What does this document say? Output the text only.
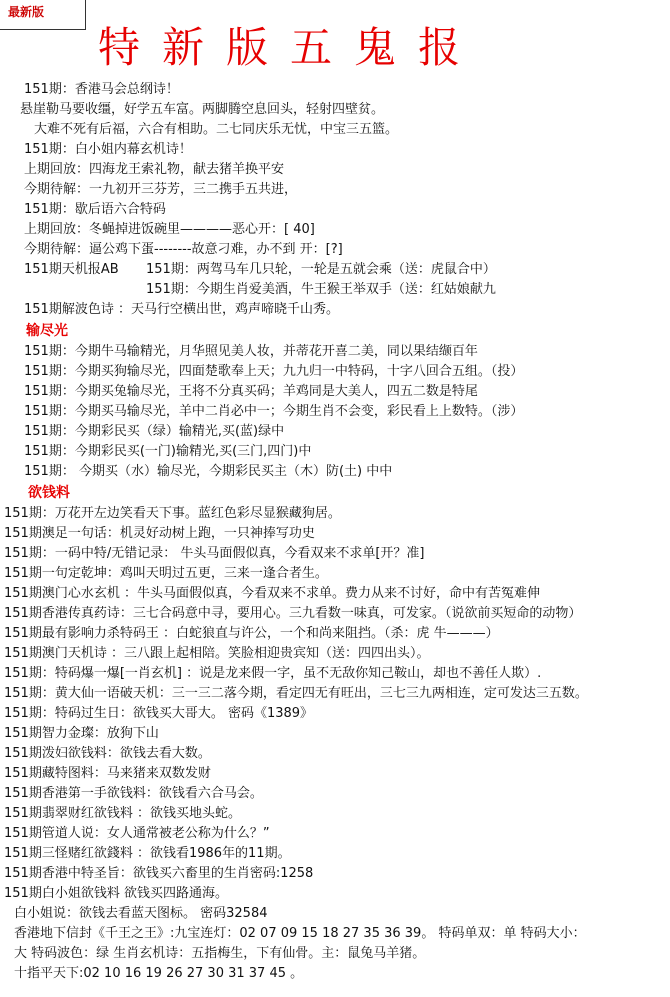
最新版
特新版五鬼报
151期：香港马会总纲诗！
悬崖勒马要收缰，好学五车富。两脚腾空息回头，轻射四壁贫。
大难不死有后福，六合有相助。二七同庆乐无忧，中宝三五篮。
151期：白小姐内幕玄机诗！
上期回放：四海龙王索礼物，献去猪羊换平安
今期待解：一九初开三芬芳，三二携手五共进，
151期：歇后语六合特码
上期回放：冬蝇掉进饭碗里————恶心开：[ 40]
今期待解：逼公鸡下蛋--------故意刁难，办不到 开：[?]
151期天机报AB	151期：两驾马车几只轮，一轮是五就会乘（送：虎鼠合中）
151期：今期生肖爱美酒，牛王猴王举双手（送：红姑娘献九
151期解波色诗 ：天马行空横出世，鸡声啼晓千山秀。
输尽光
151期：今期牛马输精光，月华照见美人妆，并蒂花开喜二美，同以果结缬百年
151期：今期买狗输尽光，四面楚歌奉上天；九九归一中特码，十字八回合五组。（投）
151期：今期买兔输尽光，王将不分真买码；羊鸡同是大美人，四五二数是特尾
151期：今期买马输尽光，羊中二肖必中一；今期生肖不会变，彩民看上上数特。（涉）
151期：今期彩民买（绿）输精光,买(蓝)绿中
151期：今期彩民买(一门)输精光,买(三门,四门)中
151期： 今期买（水）输尽光，今期彩民买主（木）防(土) 中中
欲钱料
151期：万花开左边笑看天下事。蓝红色彩尽显猴藏狗居。
151期澳足一句话：机灵好动树上跑，一只神捧写功史
151期：一码中特/无错记录： 牛头马面假似真，今看双来不求单[开？准]
151期一句定乾坤：鸡叫天明过五更，三来一逢合者生。
151期澳门心水玄机 ：牛头马面假似真，今看双来不求单。费力从来不讨好，命中有苦冤难伸
151期香港传真药诗：三七合码意中寻，要用心。三九看数一味真，可发家。（说欲前买短命的动物）
151期最有影响力杀特码王 ：白蛇狼直与许公，一个和尚来阻挡。（杀：虎 牛———）
151期澳门天机诗 ：三八跟上起相陪。笑脸相迎贵宾知（送：四四出头）。
151期：特码爆一爆[一肖玄机] ：说是龙来假一字，虽不无敌你知己鞍山，却也不善任人欺）.
151期：黄大仙一语破天机：三一三二落今期，看定四无有旺出，三七三九两相连，定可发达三五数。
151期：特码过生日：欲钱买大哥大。 密码《1389》
151期智力金璨：放狗下山
151期泼妇欲钱料：欲钱去看大数。
151期藏特图料：马来猪来双数发财
151期香港第一手欲钱料：欲钱看六合马会。
151期翡翠财红欲钱料 ：欲钱买地头蛇。
151期管道人说：女人通常被老公称为什么？”
151期三怪赌红欲錢料 ：欲钱看1986年的11期。
151期香港中特圣旨：欲钱买六畜里的生肖密码:1258
151期白小姐欲钱料 欲钱买四路通海。
白小姐说：欲钱去看蓝天图标。 密码32584
香港地下信封《千王之王》:九宝连灯：02 07 09 15 18 27 35 36 39。 特码单双：单 特码大小：
大 特码波色：绿 生肖玄机诗：五指梅生，下有仙骨。主：鼠兔马羊猪。
十指平天下:02 10 16 19 26 27 30 31 37 45 。
